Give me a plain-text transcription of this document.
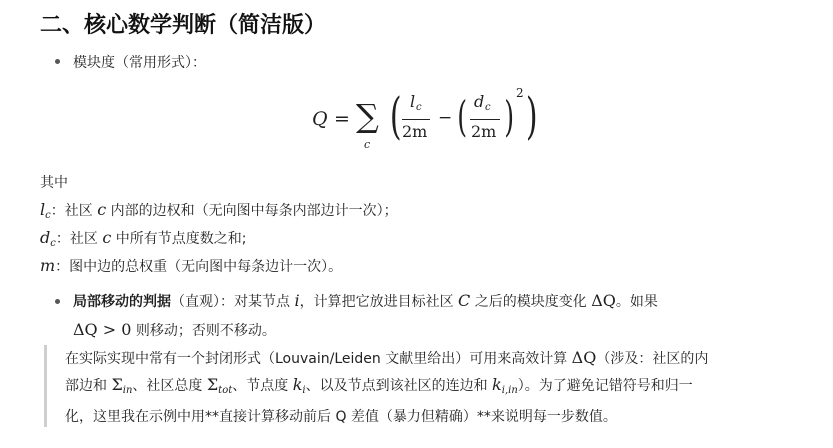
二、核心数学判断（简洁版）
模块度（常用形式）：
Q = ∑
c ( l c
2m
− ( d c
2m ) 2 )
其中
$l_c$：社区 c 内部的边权和（无向图中每条内部边计一次）；
$d_c$：社区 c 中所有节点度数之和;
m：图中边的总权重（无向图中每条边计一次）。
局部移动的判据（直观）：对某节点 i，计算把它放进目标社区 C 之后的模块度变化 ΔQ。如果
ΔQ > 0 则移动；否则不移动。
在实际实现中常有一个封闭形式（Louvain/Leiden 文献里给出）可用来高效计算 ΔQ（涉及：社区的内
部边和 $\Sigma_{in}$、社区总度 $\Sigma_{tot}$、节点度 $k_i$、以及节点到该社区的连边和 $k_{i,in}$）。为了避免记错符号和归一
化，这里我在示例中用**直接计算移动前后 Q 差值（暴力但精确）**来说明每一步数值。
